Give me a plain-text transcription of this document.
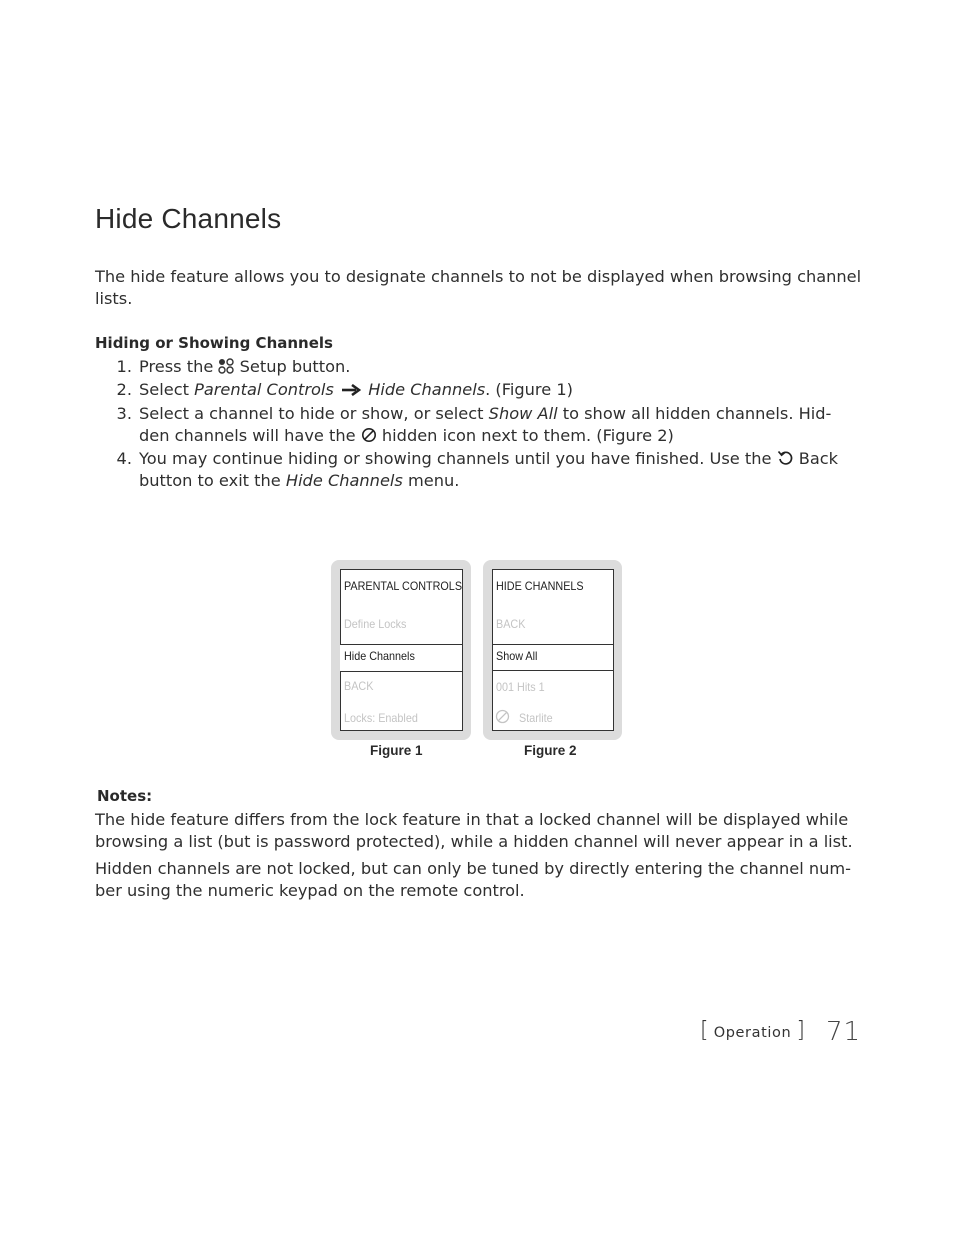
Hide Channels

The hide feature allows you to designate channels to not be displayed when browsing channel lists.

Hiding or Showing Channels
1. Press the Setup button.
2. Select Parental Controls Hide Channels. (Figure 1)
3. Select a channel to hide or show, or select Show All to show all hidden channels. Hid-
den channels will have the hidden icon next to them. (Figure 2)
4. You may continue hiding or showing channels until you have finished. Use the Back
button to exit the Hide Channels menu.
PARENTAL CONTROLS
Define Locks
Hide Channels
BACK
Locks: Enabled
Figure 1
HIDE CHANNELS
BACK
Show All
001 Hits 1
Starlite
Figure 2
Notes:

The hide feature differs from the lock feature in that a locked channel will be displayed while browsing a list (but is password protected), while a hidden channel will never appear in a list.

Hidden channels are not locked, but can only be tuned by directly entering the channel num-ber using the numeric keypad on the remote control.

[ Operation ] 71
